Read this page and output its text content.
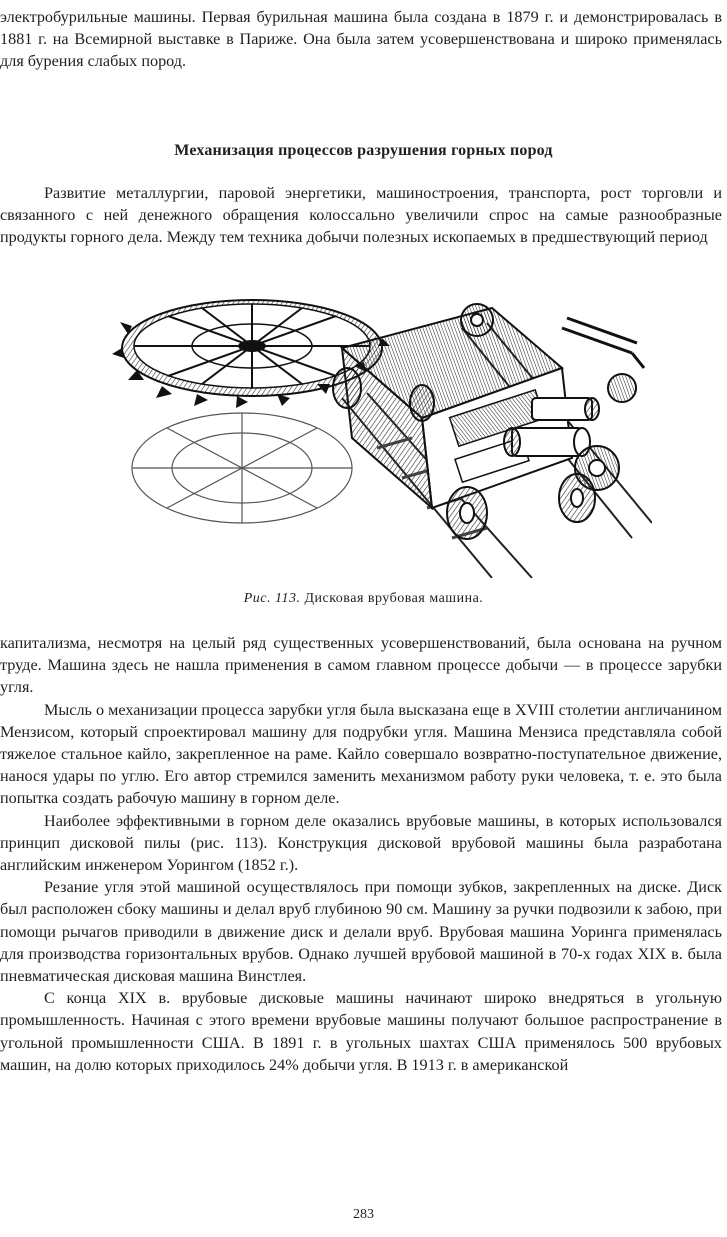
электробурильные машины. Первая бурильная машина была создана в 1879 г. и демонстрировалась в 1881 г. на Всемирной выставке в Париже. Она была затем усовершенствована и широко применялась для бурения слабых пород.

Механизация процессов разрушения горных пород

Развитие металлургии, паровой энергетики, машиностроения, транспорта, рост торговли и связанного с ней денежного обращения колоссально увеличили спрос на самые разнообразные продукты горного дела. Между тем техника добычи полезных ископаемых в предшествующий период

Рис. 113. Дисковая врубовая машина.

капитализма, несмотря на целый ряд существенных усовершенствований, была основана на ручном труде. Машина здесь не нашла применения в самом главном процессе добычи — в процессе зарубки угля.

Мысль о механизации процесса зарубки угля была высказана еще в XVIII столетии англичанином Мензисом, который спроектировал машину для подрубки угля. Машина Мензиса представляла собой тяжелое стальное кайло, закрепленное на раме. Кайло совершало возвратно-поступательное движение, нанося удары по углю. Его автор стремился заменить механизмом работу руки человека, т. е. это была попытка создать рабочую машину в горном деле.

Наиболее эффективными в горном деле оказались врубовые машины, в которых использовался принцип дисковой пилы (рис. 113). Конструкция дисковой врубовой машины была разработана английским инженером Уорингом (1852 г.).

Резание угля этой машиной осуществлялось при помощи зубков, закрепленных на диске. Диск был расположен сбоку машины и делал вруб глубиною 90 см. Машину за ручки подвозили к забою, при помощи рычагов приводили в движение диск и делали вруб. Врубовая машина Уоринга применялась для производства горизонтальных врубов. Однако лучшей врубовой машиной в 70-х годах XIX в. была пневматическая дисковая машина Винстлея.

С конца XIX в. врубовые дисковые машины начинают широко внедряться в угольную промышленность. Начиная с этого времени врубовые машины получают большое распространение в угольной промышленности США. В 1891 г. в угольных шахтах США применялось 500 врубовых машин, на долю которых приходилось 24% добычи угля. В 1913 г. в американской

283
